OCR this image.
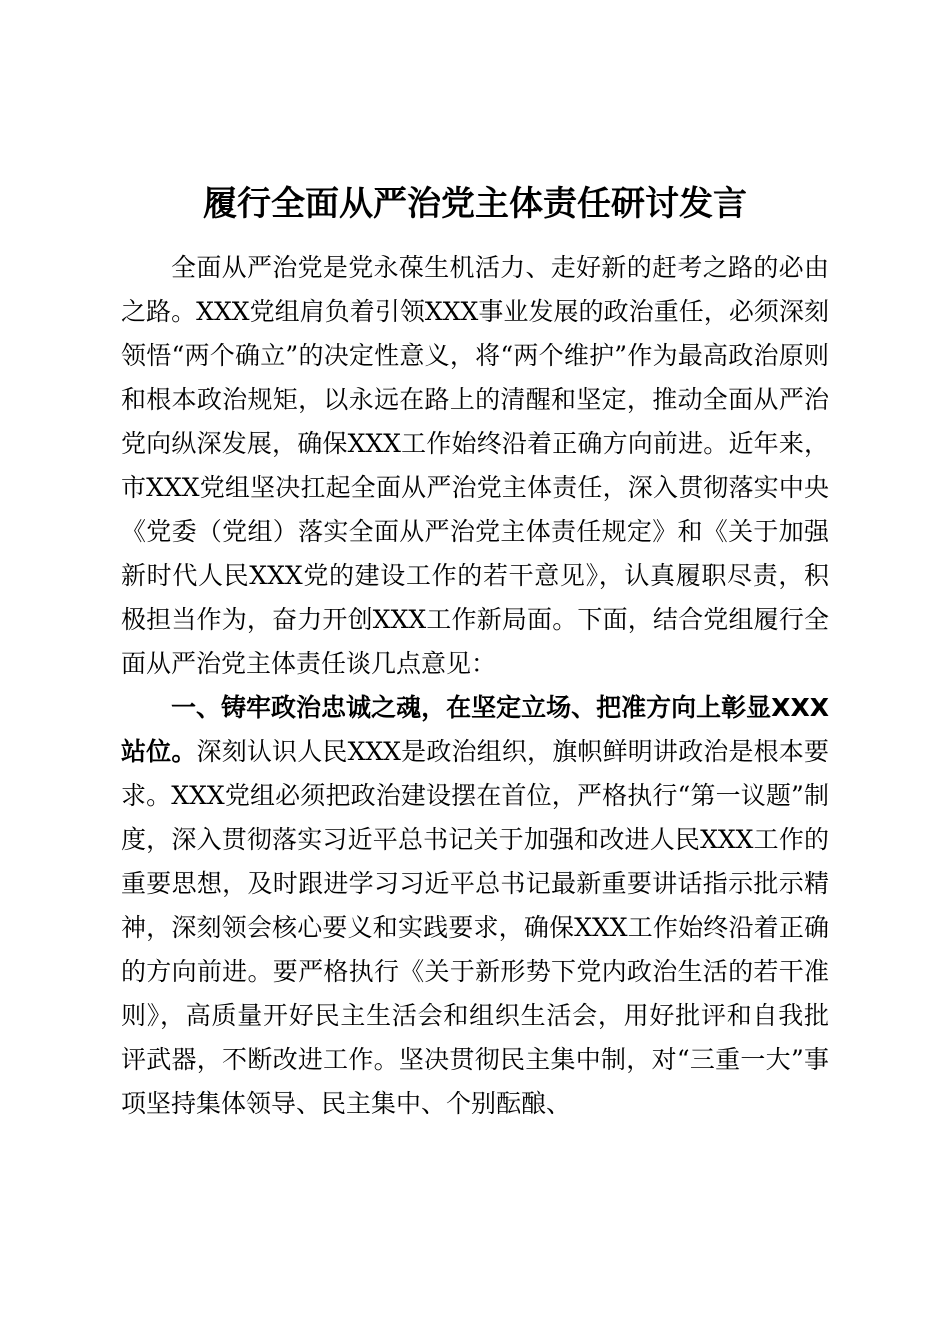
履行全面从严治党主体责任研讨发言

全面从严治党是党永葆生机活力、走好新的赶考之路的必由之路。XXX党组肩负着引领XXX事业发展的政治重任，必须深刻领悟“两个确立”的决定性意义，将“两个维护”作为最高政治原则和根本政治规矩，以永远在路上的清醒和坚定，推动全面从严治党向纵深发展，确保XXX工作始终沿着正确方向前进。近年来，市XXX党组坚决扛起全面从严治党主体责任，深入贯彻落实中央《党委（党组）落实全面从严治党主体责任规定》和《关于加强新时代人民XXX党的建设工作的若干意见》，认真履职尽责，积极担当作为，奋力开创XXX工作新局面。下面，结合党组履行全面从严治党主体责任谈几点意见：

一、铸牢政治忠诚之魂，在坚定立场、把准方向上彰显XXX站位。深刻认识人民XXX是政治组织，旗帜鲜明讲政治是根本要求。XXX党组必须把政治建设摆在首位，严格执行“第一议题”制度，深入贯彻落实习近平总书记关于加强和改进人民XXX工作的重要思想，及时跟进学习习近平总书记最新重要讲话指示批示精神，深刻领会核心要义和实践要求，确保XXX工作始终沿着正确的方向前进。要严格执行《关于新形势下党内政治生活的若干准则》，高质量开好民主生活会和组织生活会，用好批评和自我批评武器，不断改进工作。坚决贯彻民主集中制，对“三重一大”事项坚持集体领导、民主集中、个别酝酿、
